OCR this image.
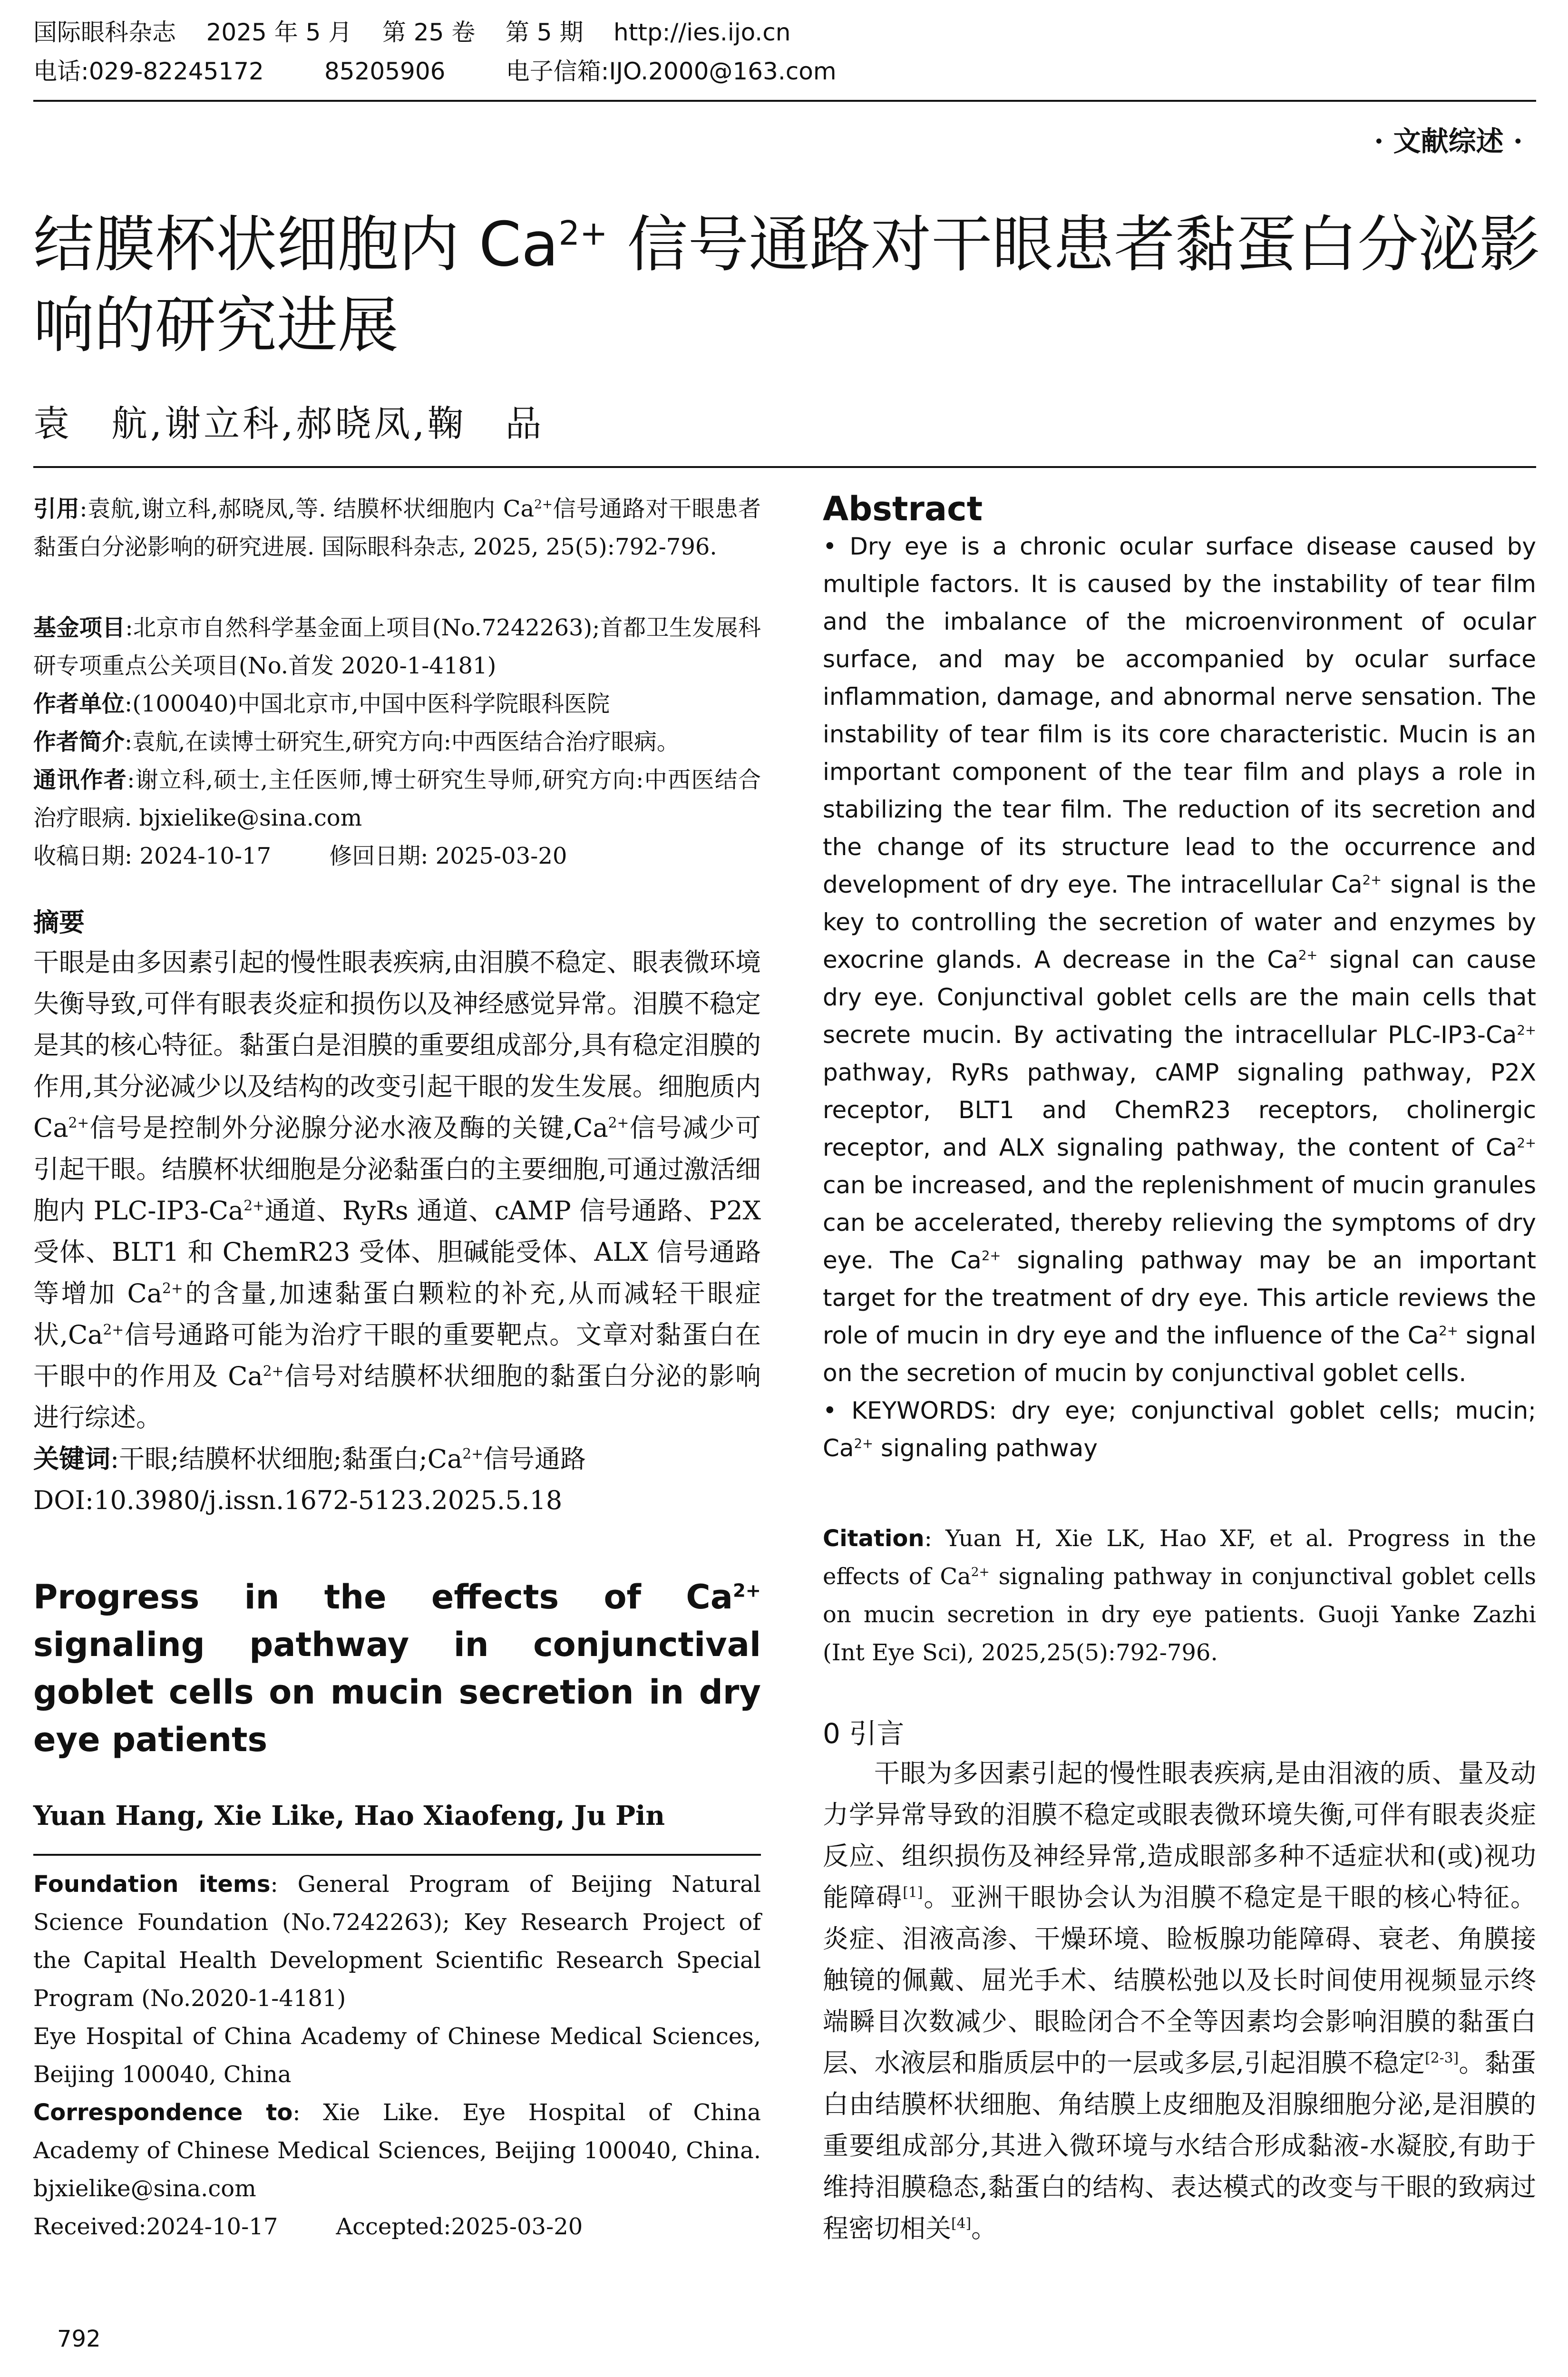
国际眼科杂志    2025 年 5 月    第 25 卷    第 5 期    http://ies.ijo.cn
电话:029-82245172        85205906        电子信箱:IJO.2000@163.com
· 文献综述 ·
结膜杯状细胞内 $Ca^{2+}$ 信号通路对干眼患者黏蛋白分泌影响的研究进展
袁　航,谢立科,郝晓凤,鞠　品

引用:袁航,谢立科,郝晓凤,等. 结膜杯状细胞内 $Ca^{2+}$信号通路对干眼患者黏蛋白分泌影响的研究进展. 国际眼科杂志, 2025, 25(5):792-796.

基金项目:北京市自然科学基金面上项目(No.7242263);首都卫生发展科研专项重点公关项目(No.首发 2020-1-4181)

作者单位:(100040)中国北京市,中国中医科学院眼科医院

作者简介:袁航,在读博士研究生,研究方向:中西医结合治疗眼病。

通讯作者:谢立科,硕士,主任医师,博士研究生导师,研究方向:中西医结合治疗眼病. bjxielike@sina.com

收稿日期: 2024-10-17        修回日期: 2025-03-20

摘要

干眼是由多因素引起的慢性眼表疾病,由泪膜不稳定、眼表微环境失衡导致,可伴有眼表炎症和损伤以及神经感觉异常。泪膜不稳定是其的核心特征。黏蛋白是泪膜的重要组成部分,具有稳定泪膜的作用,其分泌减少以及结构的改变引起干眼的发生发展。细胞质内 $Ca^{2+}$信号是控制外分泌腺分泌水液及酶的关键$,Ca^{2+}$信号减少可引起干眼。结膜杯状细胞是分泌黏蛋白的主要细胞,可通过激活细胞内 PLC-$IP3-Ca^{2+}$通道、RyRs 通道、cAMP 信号通路、P2X 受体、BLT1 和 ChemR23 受体、胆碱能受体、ALX 信号通路等增加 $Ca^{2+}$的含量,加速黏蛋白颗粒的补充,从而减轻干眼症状$,Ca^{2+}$信号通路可能为治疗干眼的重要靶点。文章对黏蛋白在干眼中的作用及 $Ca^{2+}$信号对结膜杯状细胞的黏蛋白分泌的影响进行综述。

关键词:干眼;结膜杯状细胞;黏蛋白$;Ca^{2+}$信号通路

DOI:10.3980/j.issn.1672-5123.2025.5.18

Progress in the effects of $Ca^{2+}$ signaling pathway in conjunctival goblet cells on mucin secretion in dry eye patients

Yuan Hang, Xie Like, Hao Xiaofeng, Ju Pin

Foundation items: General Program of Beijing Natural Science Foundation (No.7242263); Key Research Project of the Capital Health Development Scientific Research Special Program (No.2020-1-4181)

Eye Hospital of China Academy of Chinese Medical Sciences, Beijing 100040, China

Correspondence to: Xie Like. Eye Hospital of China Academy of Chinese Medical Sciences, Beijing 100040, China. bjxielike@sina.com

Received:2024-10-17        Accepted:2025-03-20

Abstract

• Dry eye is a chronic ocular surface disease caused by multiple factors. It is caused by the instability of tear film and the imbalance of the microenvironment of ocular surface, and may be accompanied by ocular surface inflammation, damage, and abnormal nerve sensation. The instability of tear film is its core characteristic. Mucin is an important component of the tear film and plays a role in stabilizing the tear film. The reduction of its secretion and the change of its structure lead to the occurrence and development of dry eye. The intracellular $Ca^{2+}$ signal is the key to controlling the secretion of water and enzymes by exocrine glands. A decrease in the $Ca^{2+}$ signal can cause dry eye. Conjunctival goblet cells are the main cells that secrete mucin. By activating the intracellular PLC-$IP3-Ca^{2+}$ pathway, RyRs pathway, cAMP signaling pathway, P2X receptor, BLT1 and ChemR23 receptors, cholinergic receptor, and ALX signaling pathway, the content of $Ca^{2+}$ can be increased, and the replenishment of mucin granules can be accelerated, thereby relieving the symptoms of dry eye. The $Ca^{2+}$ signaling pathway may be an important target for the treatment of dry eye. This article reviews the role of mucin in dry eye and the influence of the $Ca^{2+}$ signal on the secretion of mucin by conjunctival goblet cells.

• KEYWORDS: dry eye; conjunctival goblet cells; mucin; $Ca^{2+}$ signaling pathway

Citation: Yuan H, Xie LK, Hao XF, et al. Progress in the effects of $Ca^{2+}$ signaling pathway in conjunctival goblet cells on mucin secretion in dry eye patients. Guoji Yanke Zazhi (Int Eye Sci), 2025,25(5):792-796.

0 引言

干眼为多因素引起的慢性眼表疾病,是由泪液的质、量及动力学异常导致的泪膜不稳定或眼表微环境失衡,可伴有眼表炎症反应、组织损伤及神经异常,造成眼部多种不适症状和(或)视功能障碍[1]。亚洲干眼协会认为泪膜不稳定是干眼的核心特征。炎症、泪液高渗、干燥环境、睑板腺功能障碍、衰老、角膜接触镜的佩戴、屈光手术、结膜松弛以及长时间使用视频显示终端瞬目次数减少、眼睑闭合不全等因素均会影响泪膜的黏蛋白层、水液层和脂质层中的一层或多层,引起泪膜不稳定[2-3]。黏蛋白由结膜杯状细胞、角结膜上皮细胞及泪腺细胞分泌,是泪膜的重要组成部分,其进入微环境与水结合形成黏液-水凝胶,有助于维持泪膜稳态,黏蛋白的结构、表达模式的改变与干眼的致病过程密切相关[4]。

792
